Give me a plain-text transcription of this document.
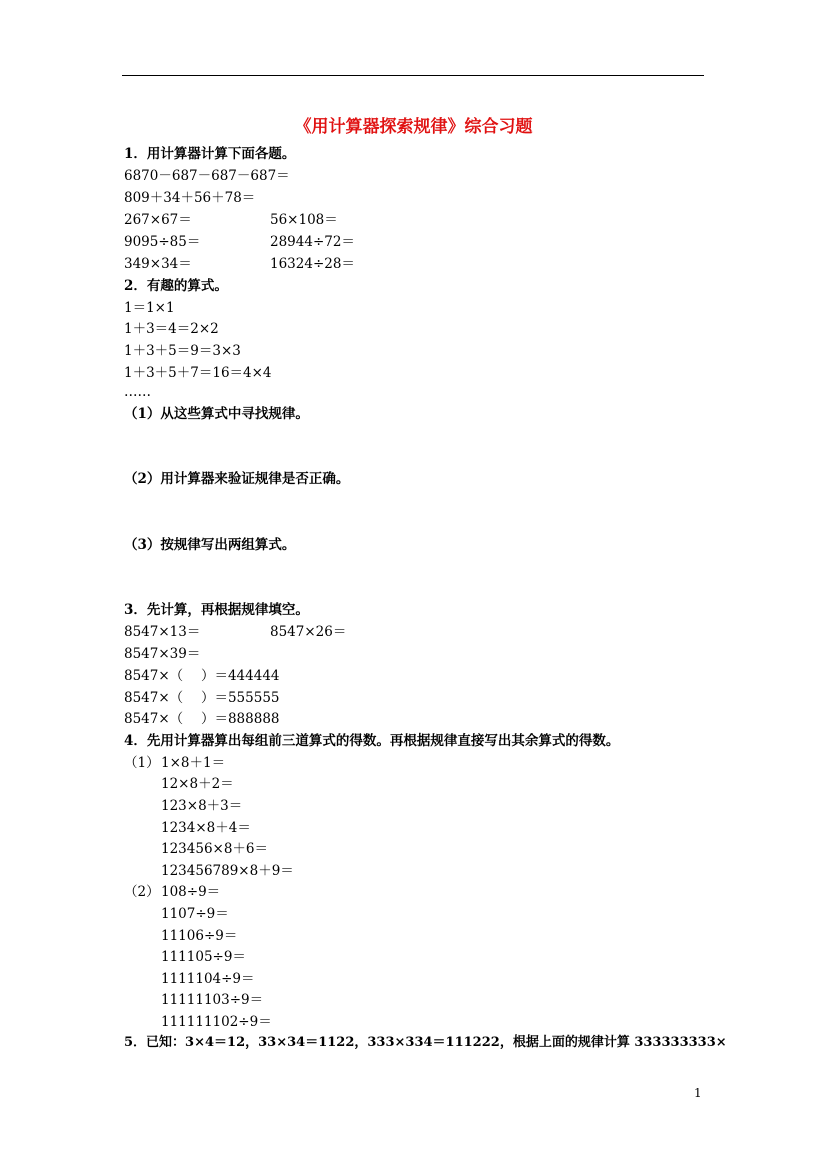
《用计算器探索规律》综合习题
1．用计算器计算下面各题。
6870－687－687－687＝
809＋34＋56＋78＝
267×67＝	56×108＝
9095÷85＝	28944÷72＝
349×34＝	16324÷28＝
2．有趣的算式。
1＝1×1
1＋3＝4＝2×2
1＋3＋5＝9＝3×3
1＋3＋5＋7＝16＝4×4
……
（1）从这些算式中寻找规律。
（2）用计算器来验证规律是否正确。
（3）按规律写出两组算式。
3．先计算，再根据规律填空。
8547×13＝	8547×26＝
8547×39＝
8547×（　 ）＝444444
8547×（　 ）＝555555
8547×（　 ）＝888888
4．先用计算器算出每组前三道算式的得数。再根据规律直接写出其余算式的得数。
（1） 1×8＋1＝
12×8＋2＝
123×8＋3＝
1234×8＋4＝
123456×8＋6＝
123456789×8＋9＝
（2） 108÷9＝
1107÷9＝
11106÷9＝
111105÷9＝
1111104÷9＝
11111103÷9＝
111111102÷9＝
5．已知：3×4＝12，33×34＝1122，333×334＝111222，根据上面的规律计算 333333333×
1
